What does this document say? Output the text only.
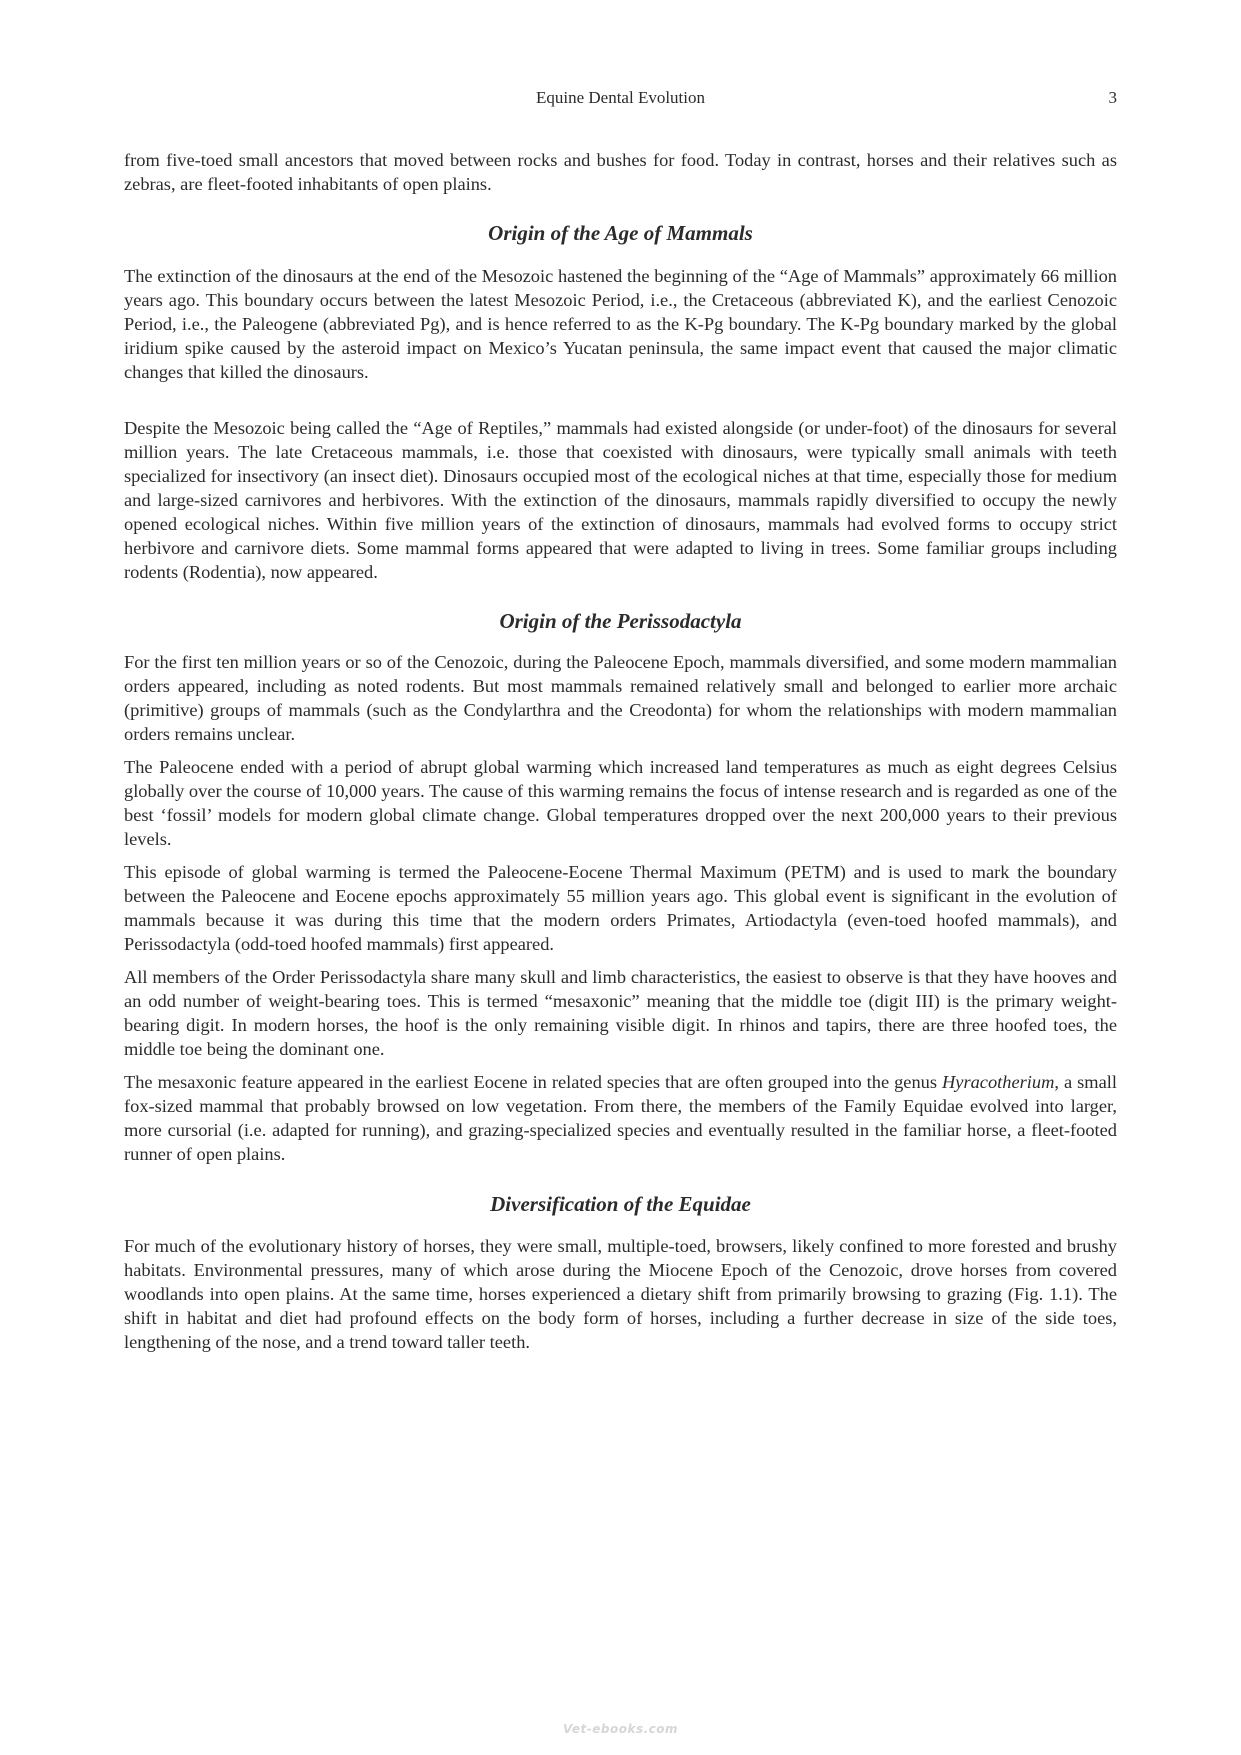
Equine Dental Evolution	3

from five-toed small ancestors that moved between rocks and bushes for food. Today in contrast, horses and their relatives such as zebras, are fleet-footed inhabitants of open plains.

Origin of the Age of Mammals

The extinction of the dinosaurs at the end of the Mesozoic hastened the beginning of the “Age of Mammals” approximately 66 million years ago. This boundary occurs between the latest Mesozoic Period, i.e., the Cretaceous (abbreviated K), and the earliest Cenozoic Period, i.e., the Paleogene (abbreviated Pg), and is hence referred to as the K-Pg boundary. The K-Pg boundary marked by the global iridium spike caused by the asteroid impact on Mexico’s Yucatan peninsula, the same impact event that caused the major climatic changes that killed the dinosaurs.

Despite the Mesozoic being called the “Age of Reptiles,” mammals had existed alongside (or under-foot) of the dinosaurs for several million years. The late Cretaceous mammals, i.e. those that coexisted with dinosaurs, were typically small animals with teeth specialized for insectivory (an insect diet). Dinosaurs occupied most of the ecological niches at that time, especially those for medium and large-sized carnivores and herbivores. With the extinction of the dinosaurs, mammals rapidly diversified to occupy the newly opened ecological niches. Within five million years of the extinction of dinosaurs, mammals had evolved forms to occupy strict herbivore and carnivore diets. Some mammal forms appeared that were adapted to living in trees. Some familiar groups including rodents (Rodentia), now appeared.

Origin of the Perissodactyla

For the first ten million years or so of the Cenozoic, during the Paleocene Epoch, mammals diversified, and some modern mammalian orders appeared, including as noted rodents. But most mammals remained relatively small and belonged to earlier more archaic (primitive) groups of mammals (such as the Condylarthra and the Creodonta) for whom the relationships with modern mammalian orders remains unclear.

The Paleocene ended with a period of abrupt global warming which increased land temperatures as much as eight degrees Celsius globally over the course of 10,000 years. The cause of this warming remains the focus of intense research and is regarded as one of the best ‘fossil’ models for modern global climate change. Global temperatures dropped over the next 200,000 years to their previous levels.

This episode of global warming is termed the Paleocene-Eocene Thermal Maximum (PETM) and is used to mark the boundary between the Paleocene and Eocene epochs approximately 55 million years ago. This global event is significant in the evolution of mammals because it was during this time that the modern orders Primates, Artiodactyla (even-toed hoofed mammals), and Perissodactyla (odd-toed hoofed mammals) first appeared.

All members of the Order Perissodactyla share many skull and limb characteristics, the easiest to observe is that they have hooves and an odd number of weight-bearing toes. This is termed “mesaxonic” meaning that the middle toe (digit III) is the primary weight-bearing digit. In modern horses, the hoof is the only remaining visible digit. In rhinos and tapirs, there are three hoofed toes, the middle toe being the dominant one.

The mesaxonic feature appeared in the earliest Eocene in related species that are often grouped into the genus Hyracotherium, a small fox-sized mammal that probably browsed on low vegetation. From there, the members of the Family Equidae evolved into larger, more cursorial (i.e. adapted for running), and grazing-specialized species and eventually resulted in the familiar horse, a fleet-footed runner of open plains.

Diversification of the Equidae

For much of the evolutionary history of horses, they were small, multiple-toed, browsers, likely confined to more forested and brushy habitats. Environmental pressures, many of which arose during the Miocene Epoch of the Cenozoic, drove horses from covered woodlands into open plains. At the same time, horses experienced a dietary shift from primarily browsing to grazing (Fig. 1.1). The shift in habitat and diet had profound effects on the body form of horses, including a further decrease in size of the side toes, lengthening of the nose, and a trend toward taller teeth.

Vet-ebooks.com
